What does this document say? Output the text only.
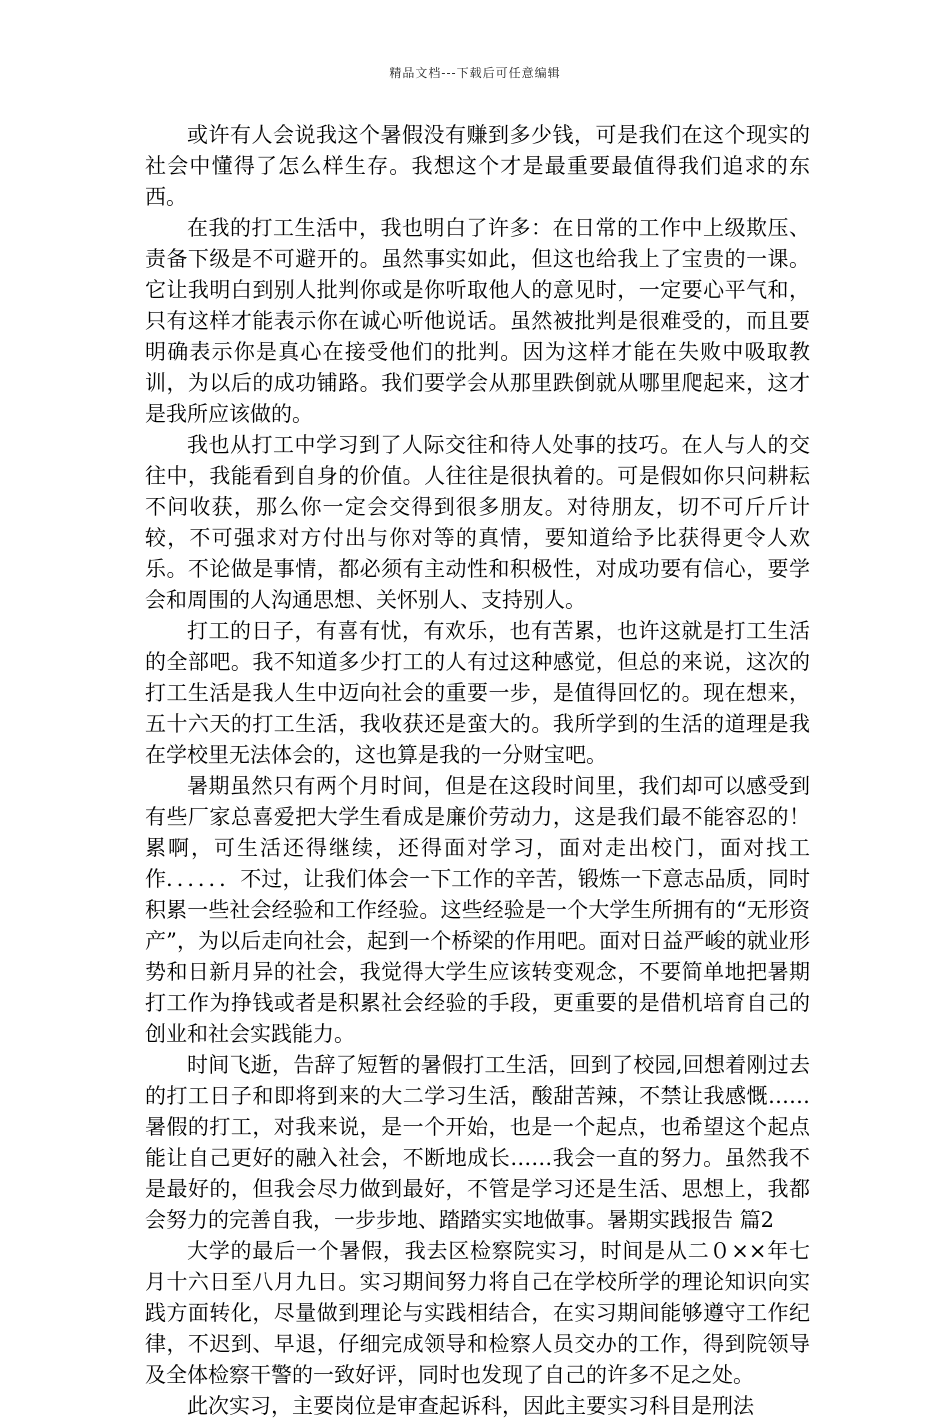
精品文档---下载后可任意编辑

或许有人会说我这个暑假没有赚到多少钱，可是我们在这个现实的社会中懂得了怎么样生存。我想这个才是最重要最值得我们追求的东西。

在我的打工生活中，我也明白了许多：在日常的工作中上级欺压、责备下级是不可避开的。虽然事实如此，但这也给我上了宝贵的一课。它让我明白到别人批判你或是你听取他人的意见时，一定要心平气和，只有这样才能表示你在诚心听他说话。虽然被批判是很难受的，而且要明确表示你是真心在接受他们的批判。因为这样才能在失败中吸取教训，为以后的成功铺路。我们要学会从那里跌倒就从哪里爬起来，这才是我所应该做的。

我也从打工中学习到了人际交往和待人处事的技巧。在人与人的交往中，我能看到自身的价值。人往往是很执着的。可是假如你只问耕耘不问收获，那么你一定会交得到很多朋友。对待朋友，切不可斤斤计较，不可强求对方付出与你对等的真情，要知道给予比获得更令人欢乐。不论做是事情，都必须有主动性和积极性，对成功要有信心，要学会和周围的人沟通思想、关怀别人、支持别人。

打工的日子，有喜有忧，有欢乐，也有苦累，也许这就是打工生活的全部吧。我不知道多少打工的人有过这种感觉，但总的来说，这次的打工生活是我人生中迈向社会的重要一步，是值得回忆的。现在想来，五十六天的打工生活，我收获还是蛮大的。我所学到的生活的道理是我在学校里无法体会的，这也算是我的一分财宝吧。

暑期虽然只有两个月时间，但是在这段时间里，我们却可以感受到有些厂家总喜爱把大学生看成是廉价劳动力，这是我们最不能容忍的！累啊，可生活还得继续，还得面对学习，面对走出校门，面对找工作．．．．．．不过，让我们体会一下工作的辛苦，锻炼一下意志品质，同时积累一些社会经验和工作经验。这些经验是一个大学生所拥有的“无形资产”，为以后走向社会，起到一个桥梁的作用吧。面对日益严峻的就业形势和日新月异的社会，我觉得大学生应该转变观念，不要简单地把暑期打工作为挣钱或者是积累社会经验的手段，更重要的是借机培育自己的创业和社会实践能力。

时间飞逝，告辞了短暂的暑假打工生活，回到了校园,回想着刚过去的打工日子和即将到来的大二学习生活，酸甜苦辣，不禁让我感慨……暑假的打工，对我来说，是一个开始，也是一个起点，也希望这个起点能让自己更好的融入社会，不断地成长……我会一直的努力。虽然我不是最好的，但我会尽力做到最好，不管是学习还是生活、思想上，我都会努力的完善自我，一步步地、踏踏实实地做事。暑期实践报告 篇2

大学的最后一个暑假，我去区检察院实习，时间是从二０××年七月十六日至八月九日。实习期间努力将自己在学校所学的理论知识向实践方面转化，尽量做到理论与实践相结合，在实习期间能够遵守工作纪律，不迟到、早退，仔细完成领导和检察人员交办的工作，得到院领导及全体检察干警的一致好评，同时也发现了自己的许多不足之处。

此次实习，主要岗位是审查起诉科，因此主要实习科目是刑法
